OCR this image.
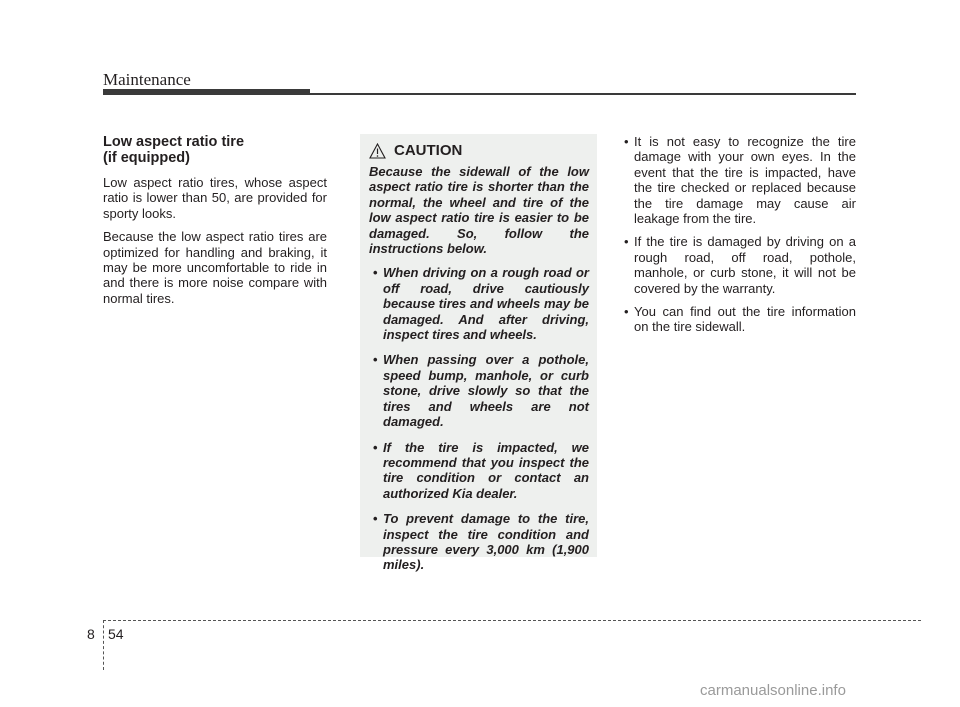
Maintenance
Low aspect ratio tire
(if equipped)

Low aspect ratio tires, whose aspect ratio is lower than 50, are provided for sporty looks.

Because the low aspect ratio tires are optimized for handling and braking, it may be more uncomfortable to ride in and there is more noise compare with normal tires.

CAUTION

Because the sidewall of the low aspect ratio tire is shorter than the normal, the wheel and tire of the low aspect ratio tire is easier to be damaged. So, follow the instructions below.

• When driving on a rough road or off road, drive cautiously because tires and wheels may be damaged. And after driving, inspect tires and wheels.
• When passing over a pothole, speed bump, manhole, or curb stone, drive slowly so that the tires and wheels are not damaged.
• If the tire is impacted, we recommend that you inspect the tire condition or contact an authorized Kia dealer.
• To prevent damage to the tire, inspect the tire condition and pressure every 3,000 km (1,900 miles).
• It is not easy to recognize the tire damage with your own eyes. In the event that the tire is impacted, have the tire checked or replaced because the tire damage may cause air leakage from the tire.
• If the tire is damaged by driving on a rough road, off road, pothole, manhole, or curb stone, it will not be covered by the warranty.
• You can find out the tire information on the tire sidewall.
8 54
carmanualsonline.info
